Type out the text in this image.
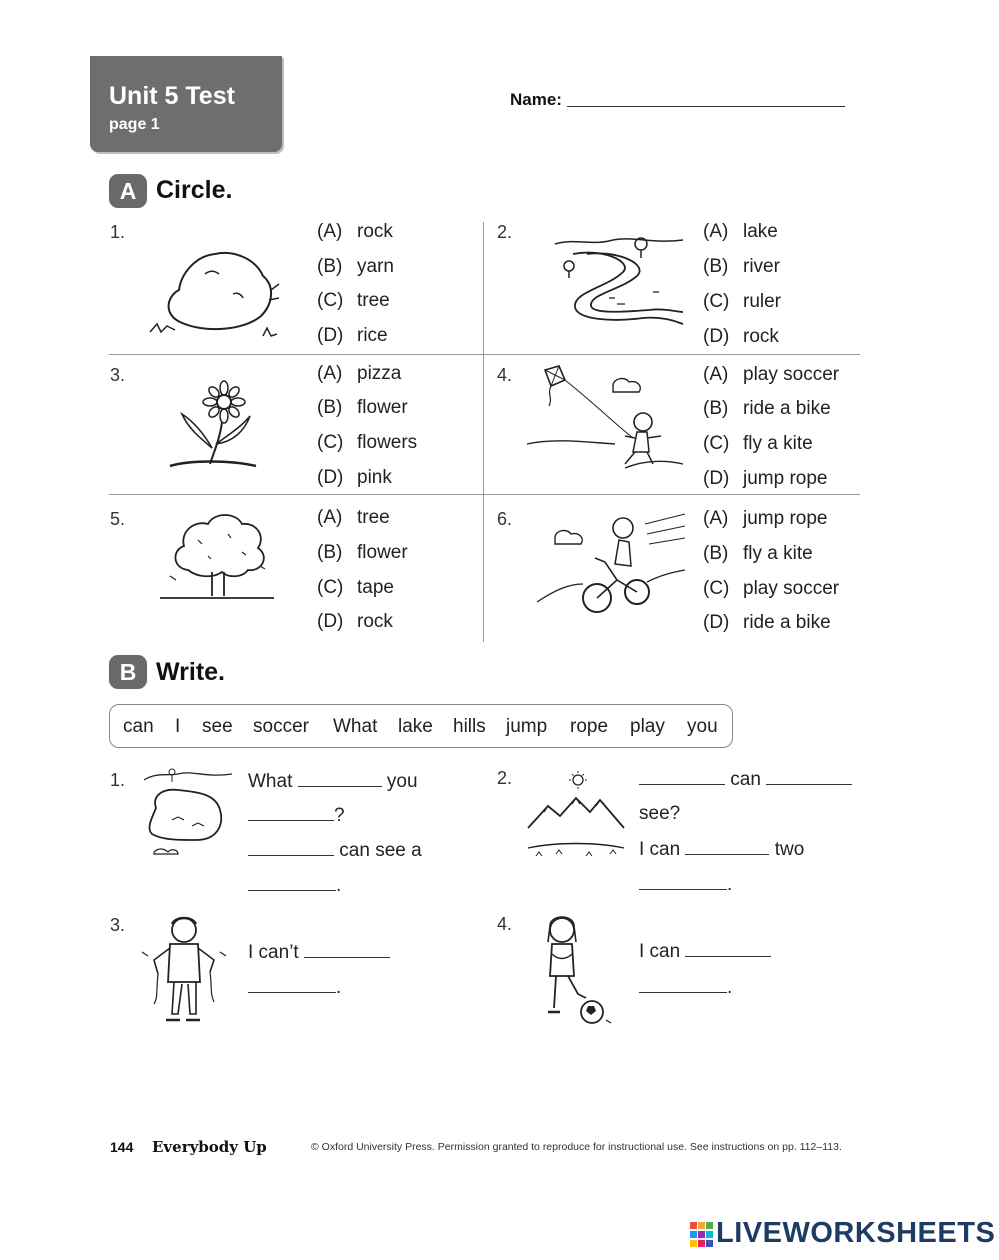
Unit 5 Test
page 1
Name:
A Circle.
1.	(A) rock
(B) yarn
(C) tree
(D) rice
2.	(A) lake
(B) river
(C) ruler
(D) rock
3.	(A) pizza
(B) flower
(C) flowers
(D) pink
4.	(A) play soccer
(B) ride a bike
(C) fly a kite
(D) jump rope
5.	(A) tree
(B) flower
(C) tape
(D) rock
6.	(A) jump rope
(B) fly a kite
(C) play soccer
(D) ride a bike
B Write.
can I see soccer What lake hills jump rope play you
1.	What	you
?
can see a
.
2.	can
see?
I can	two
.
3.
I can’t
.
4.
I can
.
144 Everybody Up	© Oxford University Press. Permission granted to reproduce for instructional use. See instructions on pp. 112–113.
LIVEWORKSHEETS
